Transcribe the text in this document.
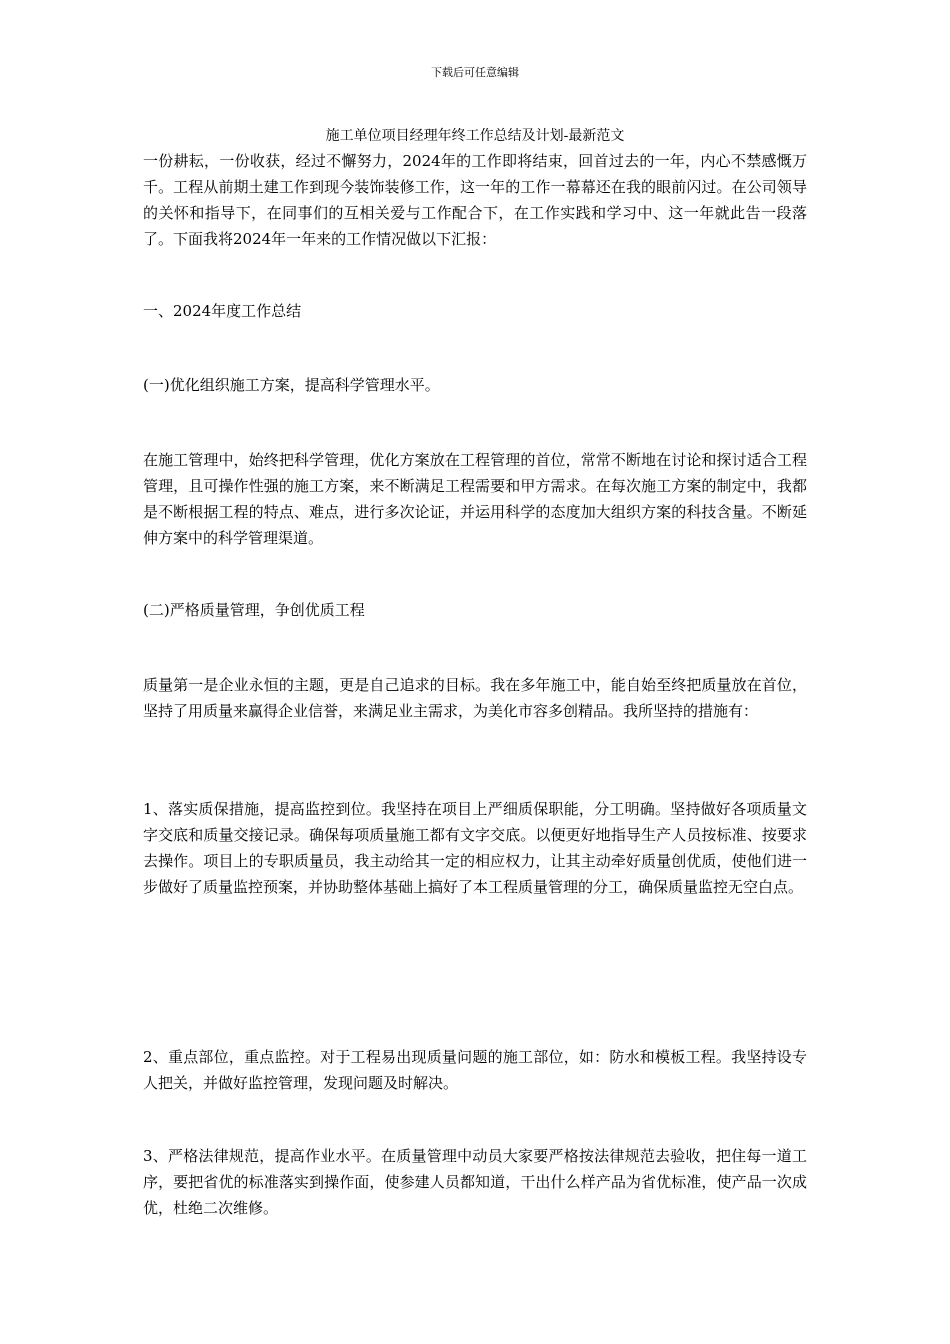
下载后可任意编辑
施工单位项目经理年终工作总结及计划-最新范文

一份耕耘，一份收获，经过不懈努力，2024年的工作即将结束，回首过去的一年，内心不禁感慨万千。工程从前期土建工作到现今装饰装修工作，这一年的工作一幕幕还在我的眼前闪过。在公司领导的关怀和指导下，在同事们的互相关爱与工作配合下，在工作实践和学习中、这一年就此告一段落了。下面我将2024年一年来的工作情况做以下汇报：

一、2024年度工作总结

(一)优化组织施工方案，提高科学管理水平。

在施工管理中，始终把科学管理，优化方案放在工程管理的首位，常常不断地在讨论和探讨适合工程管理，且可操作性强的施工方案，来不断满足工程需要和甲方需求。在每次施工方案的制定中，我都是不断根据工程的特点、难点，进行多次论证，并运用科学的态度加大组织方案的科技含量。不断延伸方案中的科学管理渠道。

(二)严格质量管理，争创优质工程

质量第一是企业永恒的主题，更是自己追求的目标。我在多年施工中，能自始至终把质量放在首位，坚持了用质量来赢得企业信誉，来满足业主需求，为美化市容多创精品。我所坚持的措施有：

1、落实质保措施，提高监控到位。我坚持在项目上严细质保职能，分工明确。坚持做好各项质量文字交底和质量交接记录。确保每项质量施工都有文字交底。以便更好地指导生产人员按标准、按要求去操作。项目上的专职质量员，我主动给其一定的相应权力，让其主动牵好质量创优质，使他们进一步做好了质量监控预案，并协助整体基础上搞好了本工程质量管理的分工，确保质量监控无空白点。

2、重点部位，重点监控。对于工程易出现质量问题的施工部位，如：防水和模板工程。我坚持设专人把关，并做好监控管理，发现问题及时解决。

3、严格法律规范，提高作业水平。在质量管理中动员大家要严格按法律规范去验收，把住每一道工序，要把省优的标准落实到操作面，使参建人员都知道，干出什么样产品为省优标准，使产品一次成优，杜绝二次维修。
